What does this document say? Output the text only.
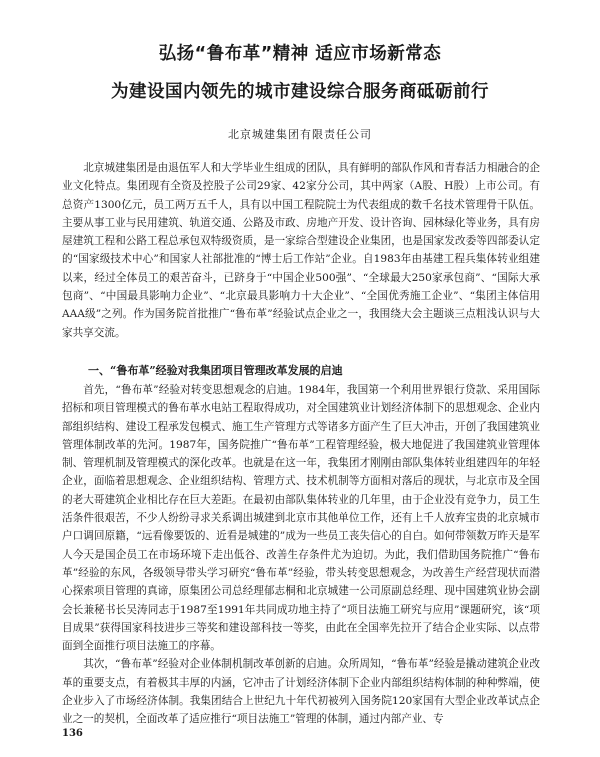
弘扬“鲁布革”精神 适应市场新常态
为建设国内领先的城市建设综合服务商砥砺前行
北京城建集团有限责任公司

北京城建集团是由退伍军人和大学毕业生组成的团队，具有鲜明的部队作风和青春活力相融合的企业文化特点。集团现有全资及控股子公司29家、42家分公司，其中两家（A股、H股）上市公司。有总资产1300亿元，员工两万五千人，具有以中国工程院院士为代表组成的数千名技术管理骨干队伍。主要从事工业与民用建筑、轨道交通、公路及市政、房地产开发、设计咨询、园林绿化等业务，具有房屋建筑工程和公路工程总承包双特级资质，是一家综合型建设企业集团，也是国家发改委等四部委认定的“国家级技术中心”和国家人社部批准的“博士后工作站”企业。自1983年由基建工程兵集体转业组建以来，经过全体员工的艰苦奋斗，已跻身于“中国企业500强”、“全球最大250家承包商”、“国际大承包商”、“中国最具影响力企业”、“北京最具影响力十大企业”、“全国优秀施工企业”、“集团主体信用AAA级”之列。作为国务院首批推广“鲁布革”经验试点企业之一，我围绕大会主题谈三点粗浅认识与大家共享交流。

一、“鲁布革”经验对我集团项目管理改革发展的启迪

首先，“鲁布革”经验对转变思想观念的启迪。1984年，我国第一个利用世界银行贷款、采用国际招标和项目管理模式的鲁布革水电站工程取得成功，对全国建筑业计划经济体制下的思想观念、企业内部组织结构、建设工程承发包模式、施工生产管理方式等诸多方面产生了巨大冲击，开创了我国建筑业管理体制改革的先河。1987年，国务院推广“鲁布革”工程管理经验，极大地促进了我国建筑业管理体制、管理机制及管理模式的深化改革。也就是在这一年，我集团才刚刚由部队集体转业组建四年的年轻企业，面临着思想观念、企业组织结构、管理方式、技术机制等方面相对落后的现状，与北京市及全国的老大哥建筑企业相比存在巨大差距。在最初由部队集体转业的几年里，由于企业没有竞争力，员工生活条件很艰苦，不少人纷纷寻求关系调出城建到北京市其他单位工作，还有上千人放弃宝贵的北京城市户口调回原籍，“远看像要饭的、近看是城建的”成为一些员工丧失信心的自白。如何带领数万昨天是军人今天是国企员工在市场环境下走出低谷、改善生存条件尤为迫切。为此，我们借助国务院推广“鲁布革”经验的东风，各级领导带头学习研究“鲁布革”经验，带头转变思想观念，为改善生产经营现状而潜心探索项目管理的真谛，原集团公司总经理郁志桐和北京城建一公司原副总经理、现中国建筑业协会副会长兼秘书长吴涛同志于1987至1991年共同成功地主持了“项目法施工研究与应用”课题研究，该“项目成果”获得国家科技进步三等奖和建设部科技一等奖，由此在全国率先拉开了结合企业实际、以点带面到全面推行项目法施工的序幕。

其次，“鲁布革”经验对企业体制机制改革创新的启迪。众所周知，“鲁布革”经验是撬动建筑企业改革的重要支点，有着极其丰厚的内涵，它冲击了计划经济体制下企业内部组织结构体制的种种弊端，使企业步入了市场经济体制。我集团结合上世纪九十年代初被列入国务院120家国有大型企业改革试点企业之一的契机，全面改革了适应推行“项目法施工”管理的体制，通过内部产业、专

136
